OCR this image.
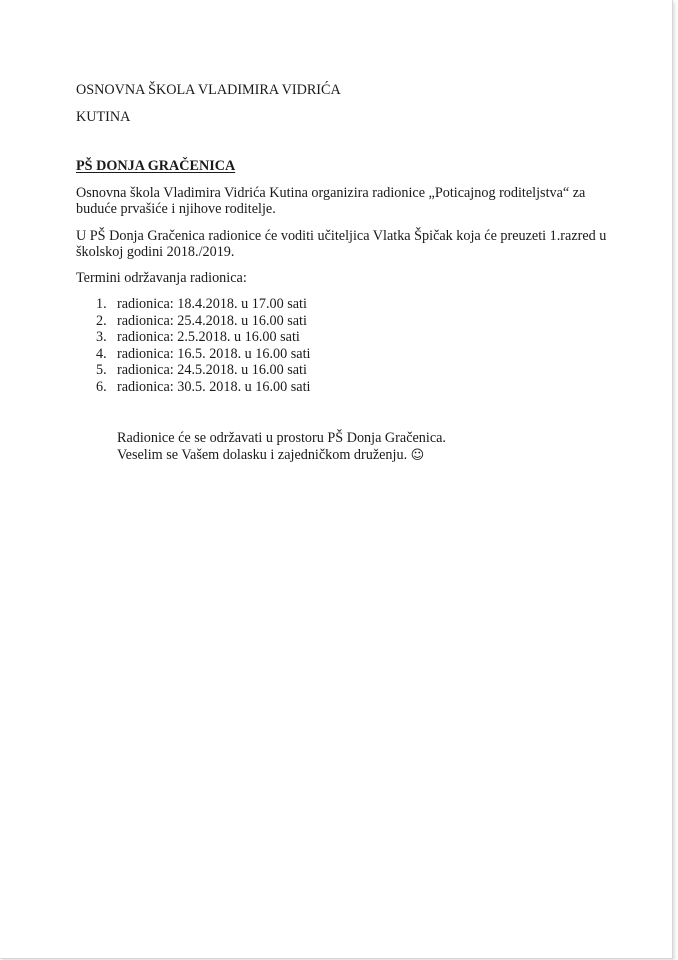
OSNOVNA ŠKOLA VLADIMIRA VIDRIĆA
KUTINA
PŠ DONJA GRAČENICA
Osnovna škola Vladimira Vidrića Kutina organizira radionice „Poticajnog roditeljstva“ za
buduće prvašiće i njihove roditelje.
U PŠ Donja Gračenica radionice će voditi učiteljica Vlatka Špičak koja će preuzeti 1.razred u
školskoj godini 2018./2019.
Termini održavanja radionica:
1. radionica: 18.4.2018. u 17.00 sati
2. radionica: 25.4.2018. u 16.00 sati
3. radionica: 2.5.2018. u 16.00 sati
4. radionica: 16.5. 2018. u 16.00 sati
5. radionica: 24.5.2018. u 16.00 sati
6. radionica: 30.5. 2018. u 16.00 sati
Radionice će se održavati u prostoru PŠ Donja Gračenica.
Veselim se Vašem dolasku i zajedničkom druženju. ☺
